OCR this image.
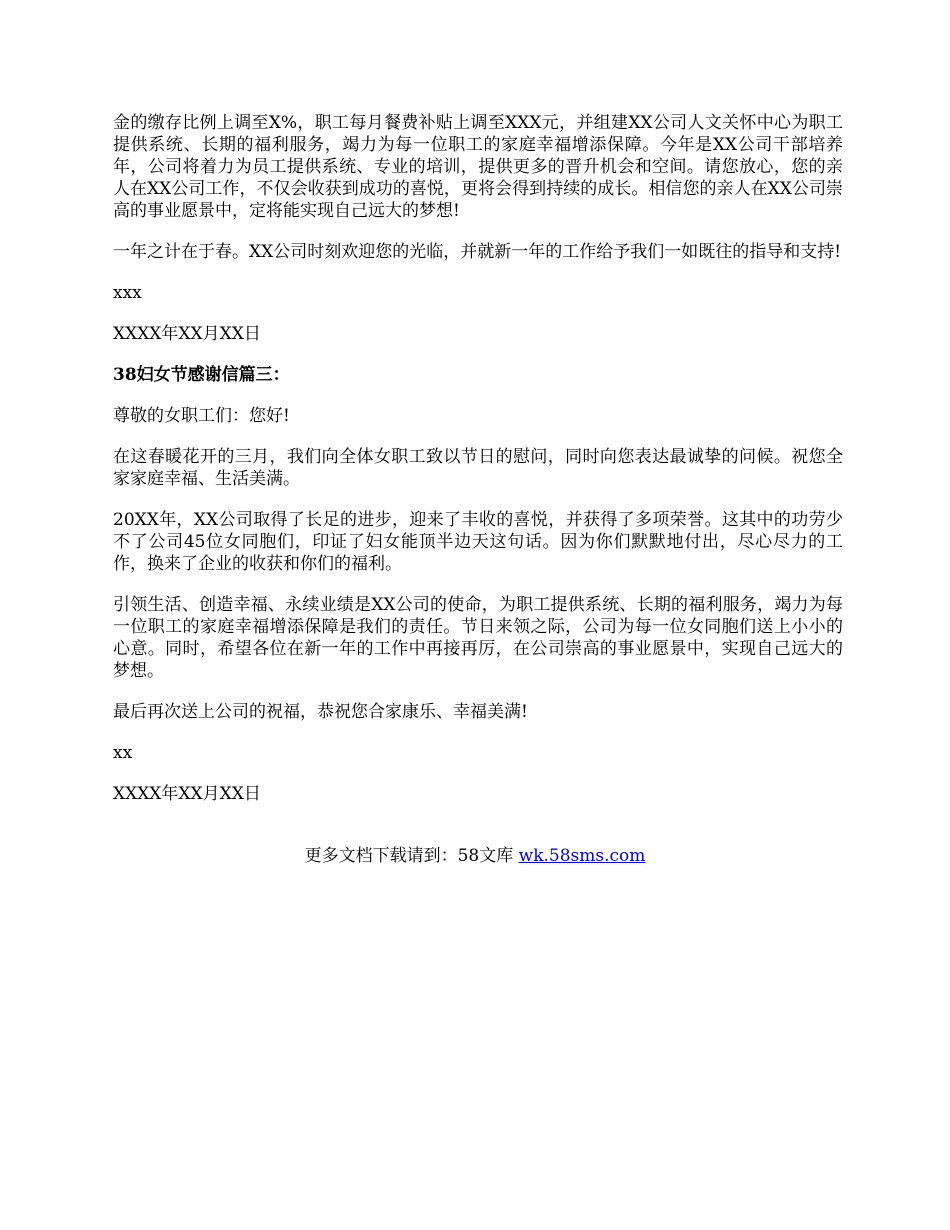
金的缴存比例上调至X%，职工每月餐费补贴上调至XXX元，并组建XX公司人文关怀中心为职工提供系统、长期的福利服务，竭力为每一位职工的家庭幸福增添保障。今年是XX公司干部培养年，公司将着力为员工提供系统、专业的培训，提供更多的晋升机会和空间。请您放心，您的亲人在XX公司工作，不仅会收获到成功的喜悦，更将会得到持续的成长。相信您的亲人在XX公司崇高的事业愿景中，定将能实现自己远大的梦想!

一年之计在于春。XX公司时刻欢迎您的光临，并就新一年的工作给予我们一如既往的指导和支持!

xxx

XXXX年XX月XX日

38妇女节感谢信篇三：

尊敬的女职工们：您好!

在这春暖花开的三月，我们向全体女职工致以节日的慰问，同时向您表达最诚挚的问候。祝您全家家庭幸福、生活美满。

20XX年，XX公司取得了长足的进步，迎来了丰收的喜悦，并获得了多项荣誉。这其中的功劳少不了公司45位女同胞们，印证了妇女能顶半边天这句话。因为你们默默地付出，尽心尽力的工作，换来了企业的收获和你们的福利。

引领生活、创造幸福、永续业绩是XX公司的使命，为职工提供系统、长期的福利服务，竭力为每一位职工的家庭幸福增添保障是我们的责任。节日来领之际，公司为每一位女同胞们送上小小的心意。同时，希望各位在新一年的工作中再接再厉，在公司崇高的事业愿景中，实现自己远大的梦想。

最后再次送上公司的祝福，恭祝您合家康乐、幸福美满!

xx

XXXX年XX月XX日

更多文档下载请到：58文库 wk.58sms.com
